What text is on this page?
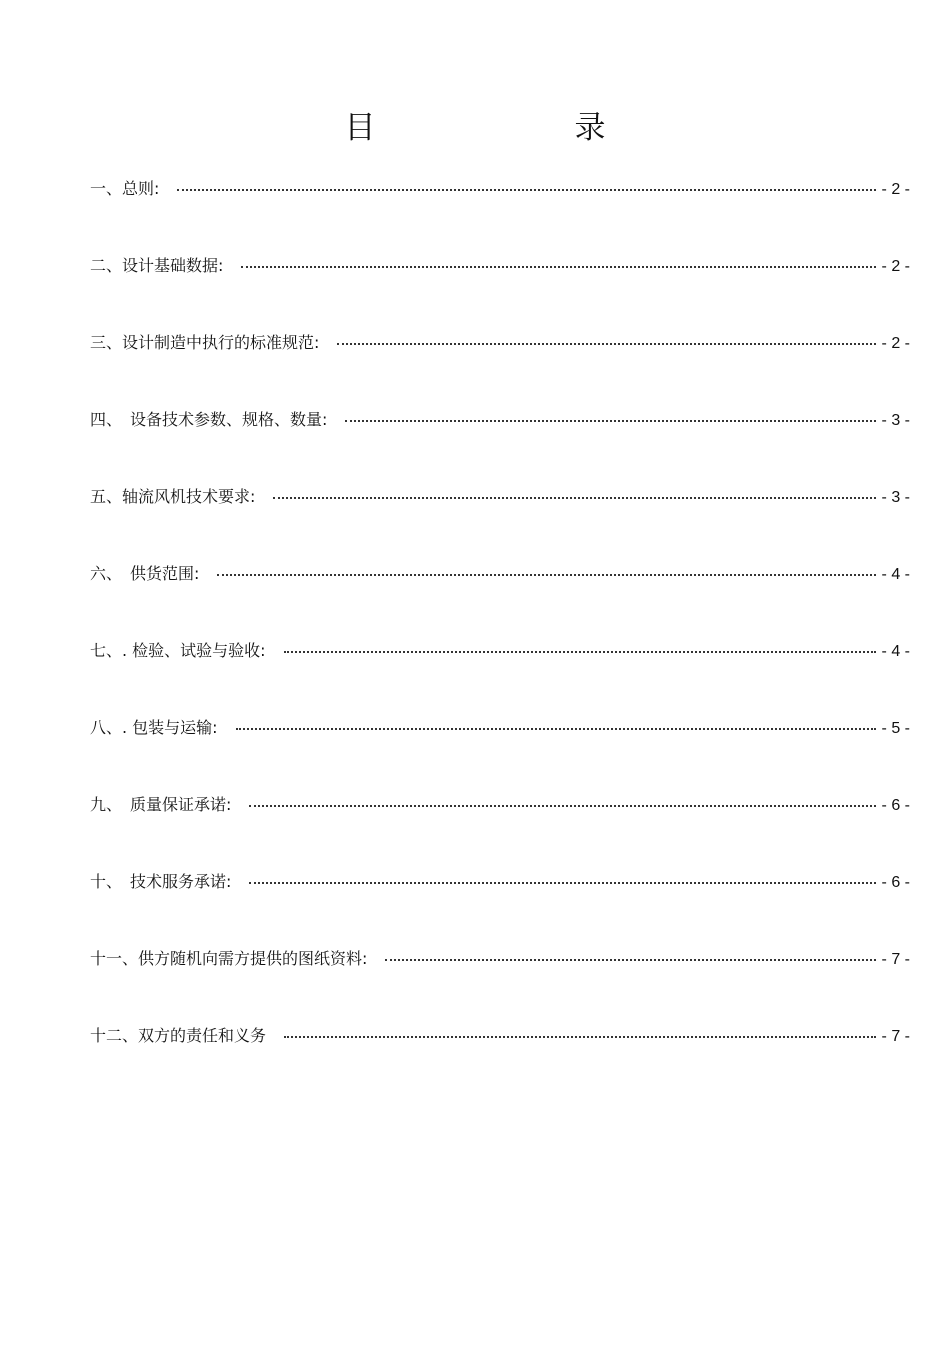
目　录
一、总则:	- 2 -
二、设计基础数据:	- 2 -
三、设计制造中执行的标准规范:	- 2 -
四、　设备技术参数、规格、数量:	- 3 -
五、轴流风机技术要求:	- 3 -
六、　供货范围:	- 4 -
七、. 检验、试验与验收:	- 4 -
八、. 包装与运输:	- 5 -
九、　质量保证承诺:	- 6 -
十、　技术服务承诺:	- 6 -
十一、供方随机向需方提供的图纸资料:	- 7 -
十二、双方的责任和义务	- 7 -
